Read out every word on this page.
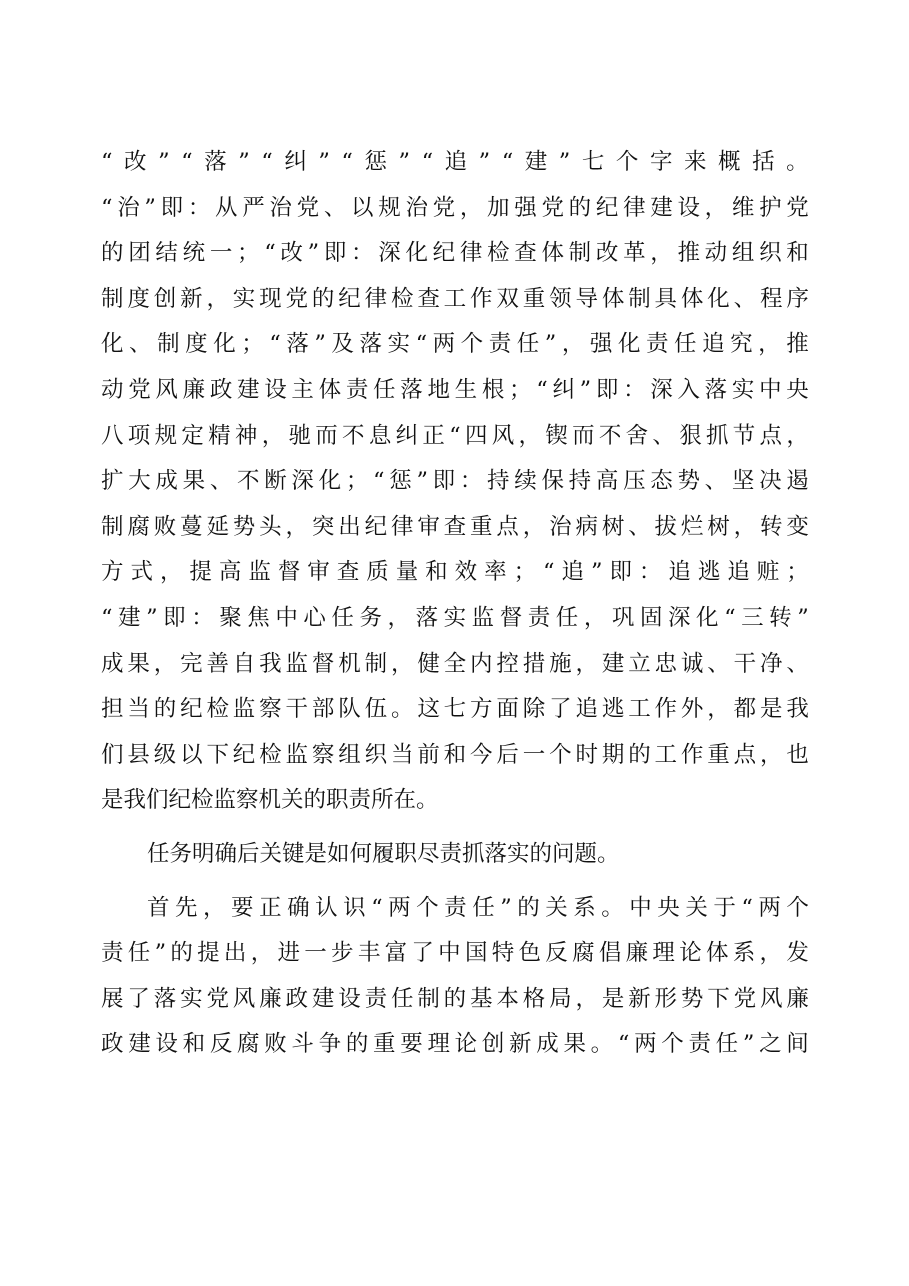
“ 改 ” “ 落 ” “ 纠 ” “ 惩 ” “ 追 ” “ 建 ” 七 个 字 来 概 括 。
“ 治 ” 即 ： 从 严 治 党 、 以 规 治 党 ， 加 强 党 的 纪 律 建 设 ， 维 护 党
的 团 结 统 一 ； “ 改 ” 即 ： 深 化 纪 律 检 查 体 制 改 革 ， 推 动 组 织 和
制 度 创 新 ， 实 现 党 的 纪 律 检 查 工 作 双 重 领 导 体 制 具 体 化 、 程 序
化 、 制 度 化 ； “ 落 ” 及 落 实 “ 两 个 责 任 ” ， 强 化 责 任 追 究 ， 推
动 党 风 廉 政 建 设 主 体 责 任 落 地 生 根 ； “ 纠 ” 即 ： 深 入 落 实 中 央
八 项 规 定 精 神 ， 驰 而 不 息 纠 正 “ 四 风 ， 锲 而 不 舍 、 狠 抓 节 点 ，
扩 大 成 果 、 不 断 深 化 ； “ 惩 ” 即 ： 持 续 保 持 高 压 态 势 、 坚 决 遏
制 腐 败 蔓 延 势 头 ， 突 出 纪 律 审 查 重 点 ， 治 病 树 、 拔 烂 树 ， 转 变
方 式 ， 提 高 监 督 审 查 质 量 和 效 率 ； “ 追 ” 即 ： 追 逃 追 赃 ；
“ 建 ” 即 ： 聚 焦 中 心 任 务 ， 落 实 监 督 责 任 ， 巩 固 深 化 “ 三 转 ”
成 果 ， 完 善 自 我 监 督 机 制 ， 健 全 内 控 措 施 ， 建 立 忠 诚 、 干 净 、
担 当 的 纪 检 监 察 干 部 队 伍 。 这 七 方 面 除 了 追 逃 工 作 外 ， 都 是 我
们 县 级 以 下 纪 检 监 察 组 织 当 前 和 今 后 一 个 时 期 的 工 作 重 点 ， 也
是我们纪检监察机关的职责所在。
任务明确后关键是如何履职尽责抓落实的问题。
首 先 ， 要 正 确 认 识 “ 两 个 责 任 ” 的 关 系 。 中 央 关 于 “ 两 个
责 任 ” 的 提 出 ， 进 一 步 丰 富 了 中 国 特 色 反 腐 倡 廉 理 论 体 系 ， 发
展 了 落 实 党 风 廉 政 建 设 责 任 制 的 基 本 格 局 ， 是 新 形 势 下 党 风 廉
政 建 设 和 反 腐 败 斗 争 的 重 要 理 论 创 新 成 果 。 “ 两 个 责 任 ” 之 间
